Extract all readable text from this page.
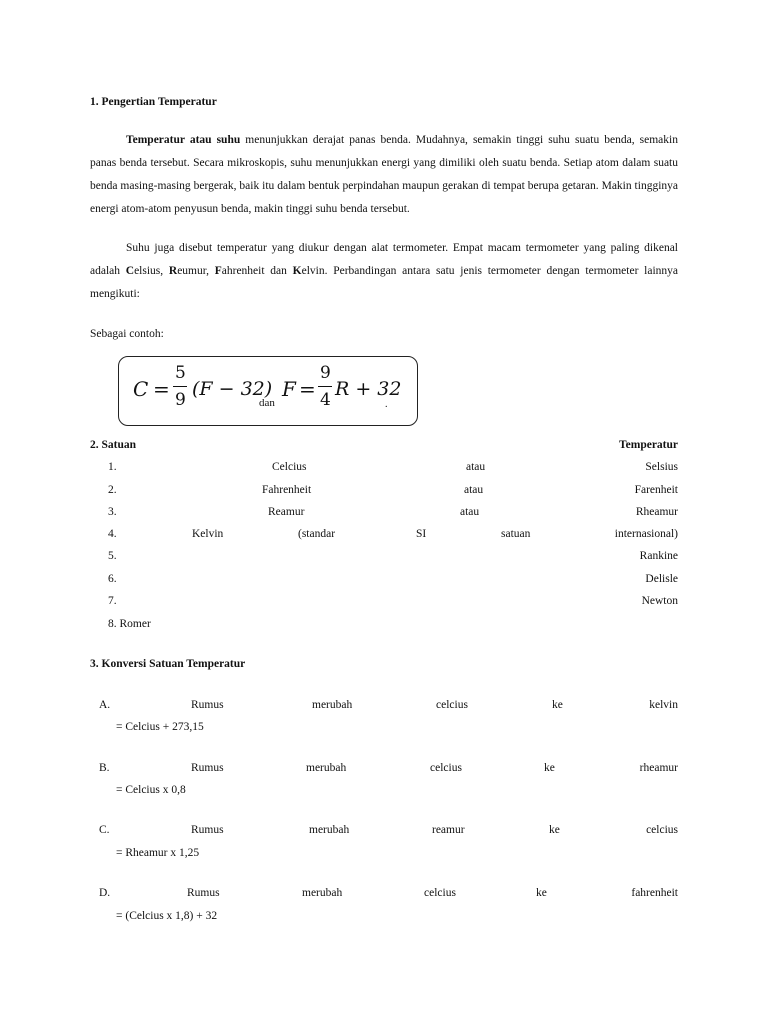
1. Pengertian Temperatur

Temperatur atau suhu menunjukkan derajat panas benda. Mudahnya, semakin tinggi suhu suatu benda, semakin panas benda tersebut. Secara mikroskopis, suhu menunjukkan energi yang dimiliki oleh suatu benda. Setiap atom dalam suatu benda masing-masing bergerak, baik itu dalam bentuk perpindahan maupun gerakan di tempat berupa getaran. Makin tingginya energi atom-atom penyusun benda, makin tinggi suhu benda tersebut.

Suhu juga disebut temperatur yang diukur dengan alat termometer. Empat macam termometer yang paling dikenal adalah Celsius, Reumur, Fahrenheit dan Kelvin. Perbandingan antara satu jenis termometer dengan termometer lainnya mengikuti:

Sebagai contoh:
C =
5
9 (F − 32)
dan
F =
9
4 R + 32
.
2. Satuan	Temperatur
1.	Celcius	atau	Selsius
2.	Fahrenheit	atau	Farenheit
3.	Reamur	atau	Rheamur
4.	Kelvin	(standar	SI	satuan	internasional)
5.	Rankine
6.	Delisle
7.	Newton
8. Romer
3. Konversi Satuan Temperatur
A.	Rumus	merubah	celcius	ke	kelvin
= Celcius + 273,15
B.	Rumus	merubah	celcius	ke	rheamur
= Celcius x 0,8
C.	Rumus	merubah	reamur	ke	celcius
= Rheamur x 1,25
D.	Rumus	merubah	celcius	ke	fahrenheit
= (Celcius x 1,8) + 32
